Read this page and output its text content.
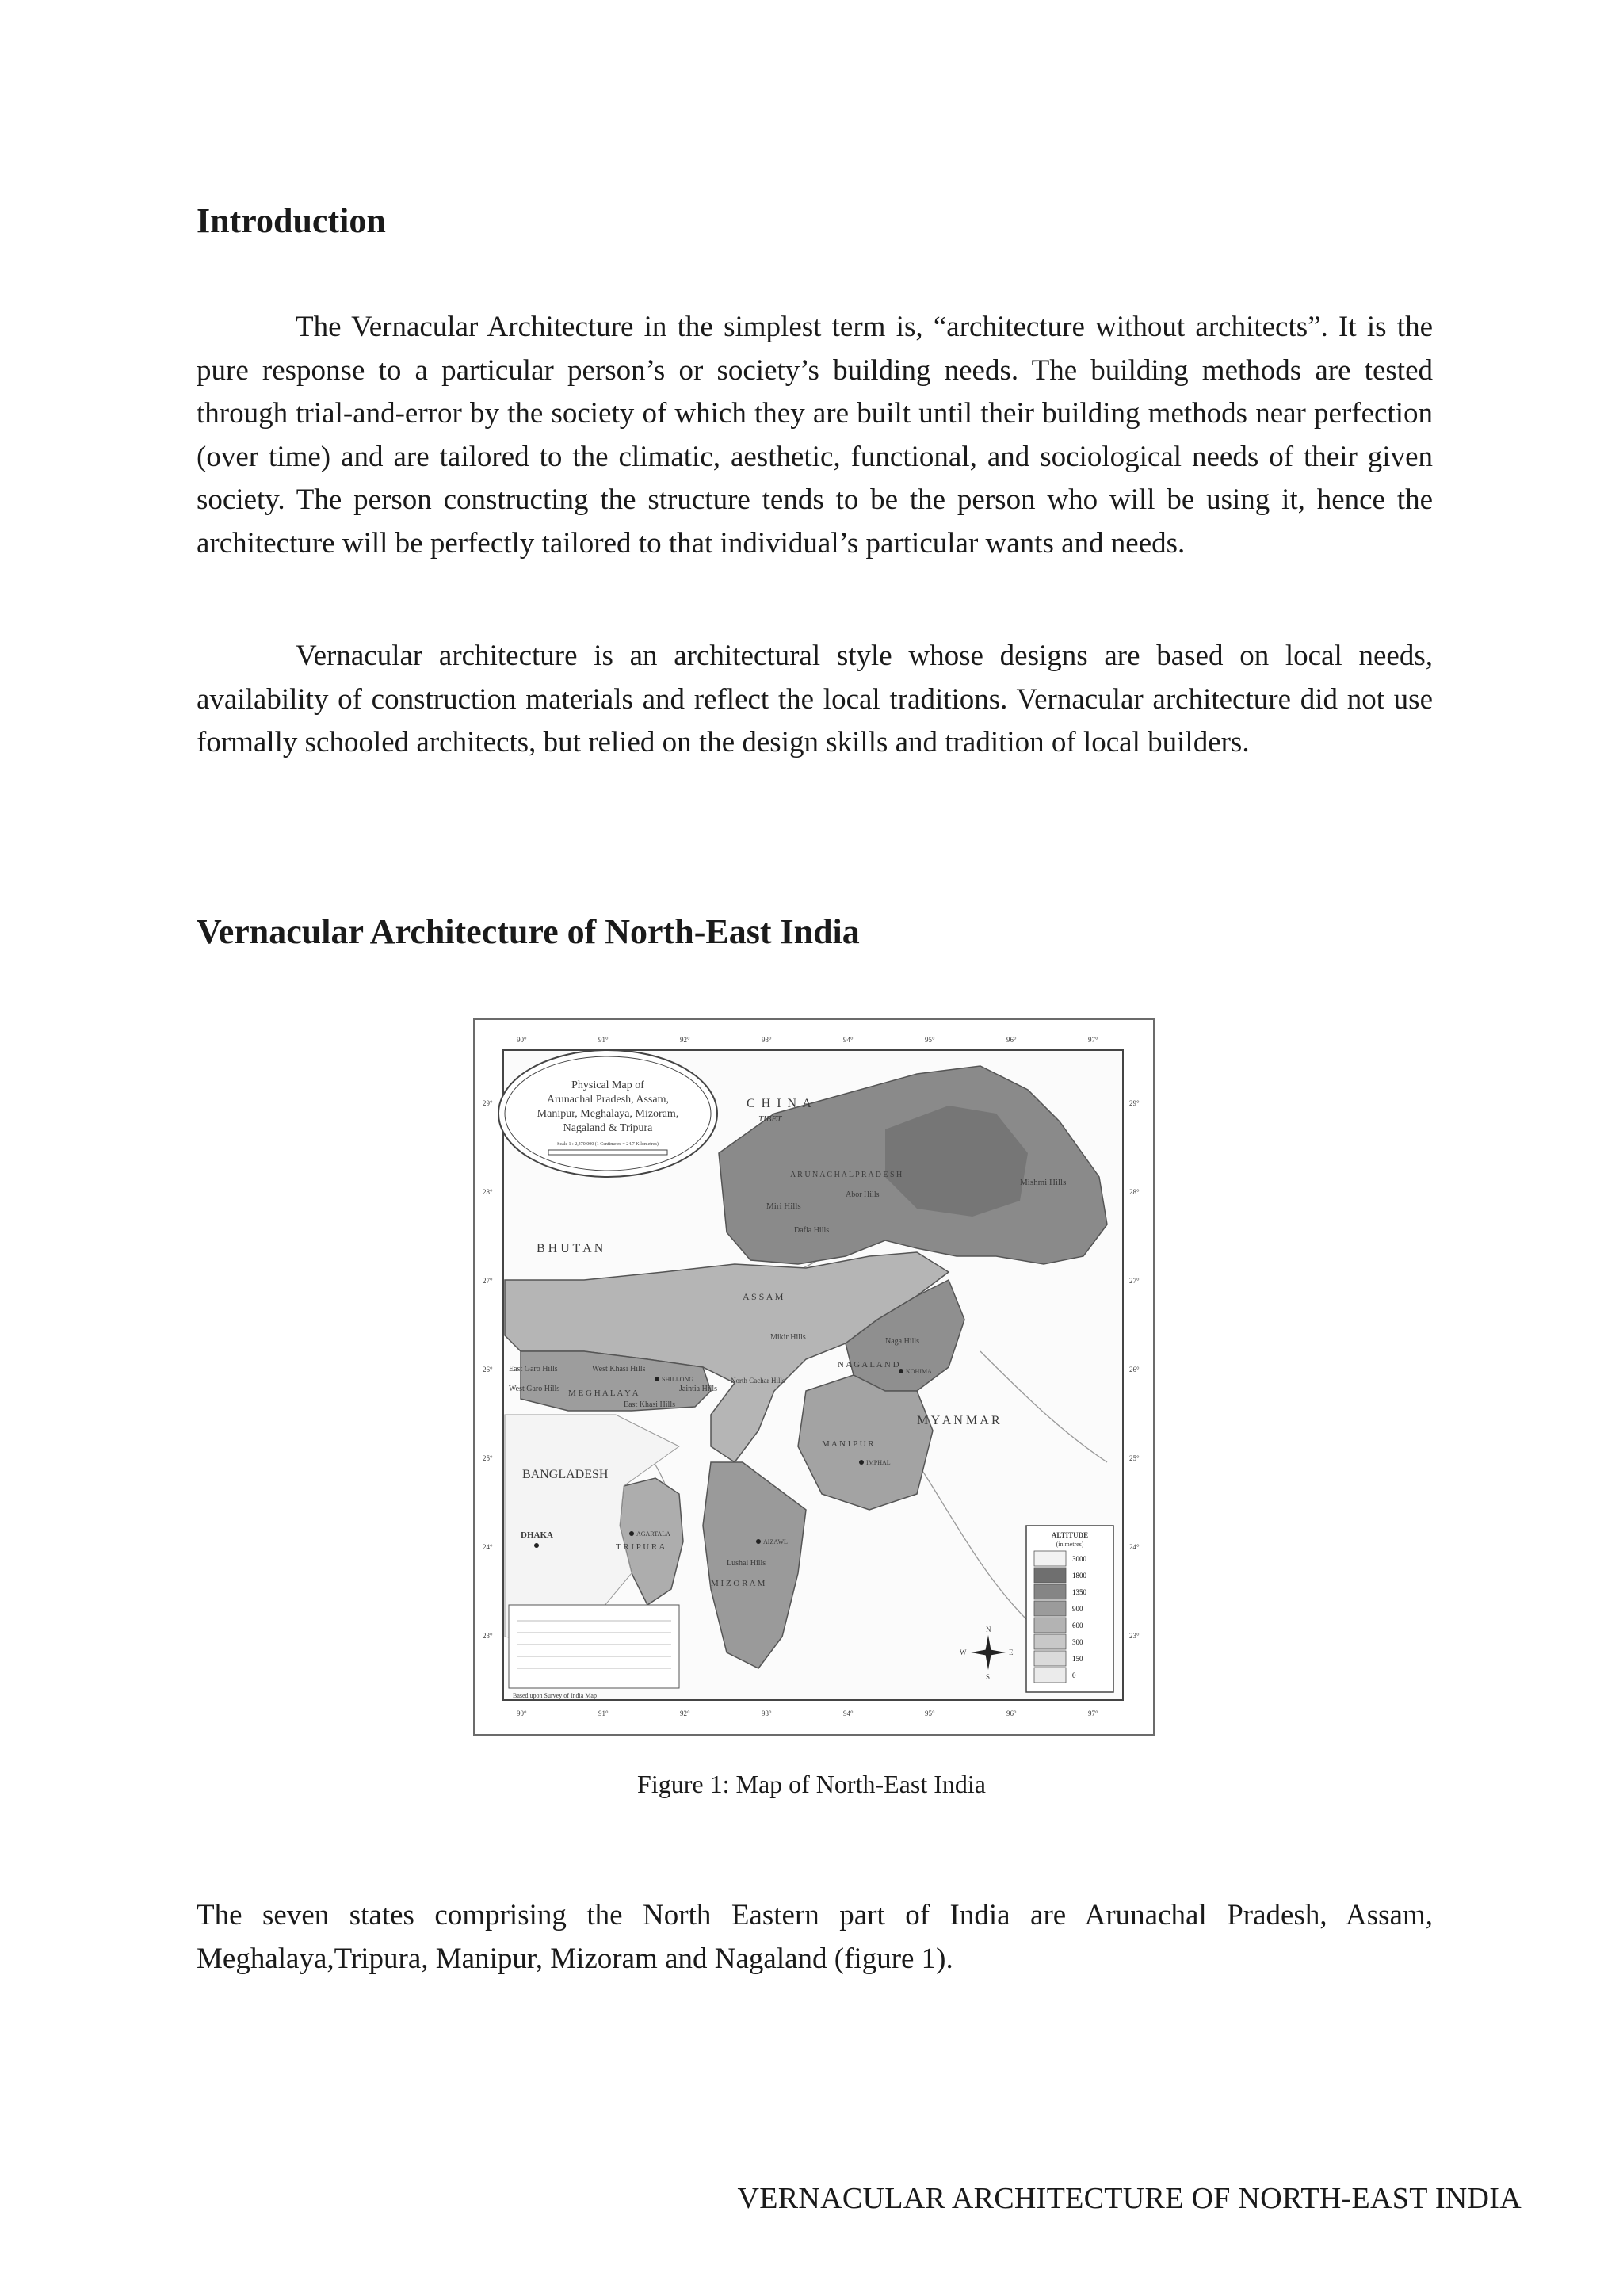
Introduction

The Vernacular Architecture in the simplest term is, “architecture without architects”. It is the pure response to a particular person’s or society’s building needs. The building methods are tested through trial-and-error by the society of which they are built until their building methods near perfection (over time) and are tailored to the climatic, aesthetic, functional, and sociological needs of their given society. The person constructing the structure tends to be the person who will be using it, hence the architecture will be perfectly tailored to that individual’s particular wants and needs.

Vernacular architecture is an architectural style whose designs are based on local needs, availability of construction materials and reflect the local traditions. Vernacular architecture did not use formally schooled architects, but relied on the design skills and tradition of local builders.

Vernacular Architecture of North-East India
90°
90°
91°
91°
92°
92°
93°
93°
94°
94°
95°
95°
96°
96°
97°
97°
29°	29°
28°	28°
27°	27°
26°	26°
25°	25°
24°	24°
23°	23°
Physical Map of
Arunachal Pradesh, Assam,
Manipur, Meghalaya, Mizoram,
Nagaland & Tripura
Scale 1 : 2,470,000 (1 Centimetre = 24.7 Kilometres)
C H I N A
TIBET
B H U T A N
BANGLADESH
M Y A N M A R
A R U N A C H A L P R A D E S H
A S S A M
M E G H A L A Y A
N A G A L A N D
M A N I P U R
T R I P U R A
M I Z O R A M
Mishmi Hills
Miri Hills
Abor Hills
Dafla Hills
Mikir Hills	Naga Hills
East Garo Hills
West Garo Hills
West Khasi Hills
East Khasi Hills
Jaintia Hills
North Cachar Hills
Lushai Hills
SHILLONG
KOHIMA
IMPHAL
AIZAWL
AGARTALA
DHAKA
Based upon Survey of India Map
N
S
E
W
ALTITUDE
(in metres)
3000
1800
1350
900
600
300
150
0

Figure 1: Map of North-East India

The seven states comprising the North Eastern part of India are Arunachal Pradesh, Assam, Meghalaya,Tripura, Manipur, Mizoram and Nagaland (figure 1).

VERNACULAR ARCHITECTURE OF NORTH-EAST INDIA
